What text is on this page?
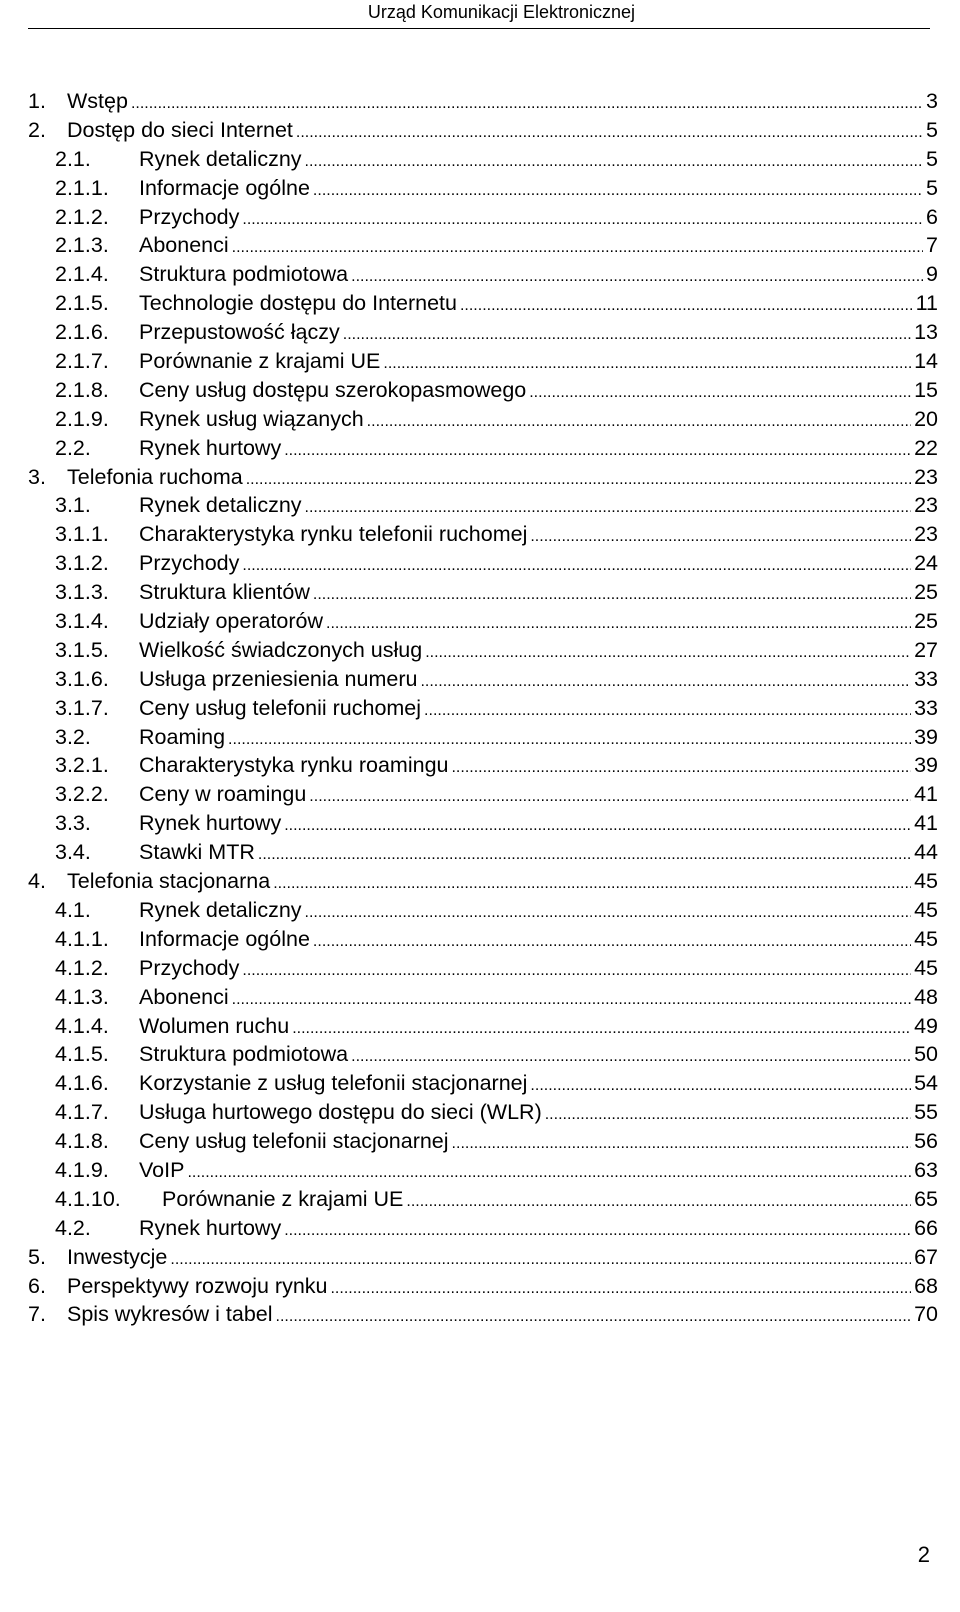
Urząd Komunikacji Elektronicznej
1. Wstęp .....	3
2. Dostęp do sieci Internet .....	5
2.1.	Rynek detaliczny .....	5
2.1.1.	Informacje ogólne .....	5
2.1.2.	Przychody .....	6
2.1.3.	Abonenci .....	7
2.1.4.	Struktura podmiotowa .....	9
2.1.5.	Technologie dostępu do Internetu .....	11
2.1.6.	Przepustowość łączy .....	13
2.1.7.	Porównanie z krajami UE .....	14
2.1.8.	Ceny usług dostępu szerokopasmowego .....	15
2.1.9.	Rynek usług wiązanych .....	20
2.2.	Rynek hurtowy .....	22
3. Telefonia ruchoma .....	23
3.1.	Rynek detaliczny .....	23
3.1.1.	Charakterystyka rynku telefonii ruchomej .....	23
3.1.2.	Przychody .....	24
3.1.3.	Struktura klientów .....	25
3.1.4.	Udziały operatorów .....	25
3.1.5.	Wielkość świadczonych usług .....	27
3.1.6.	Usługa przeniesienia numeru .....	33
3.1.7.	Ceny usług telefonii ruchomej .....	33
3.2.	Roaming .....	39
3.2.1.	Charakterystyka rynku roamingu .....	39
3.2.2.	Ceny w roamingu .....	41
3.3.	Rynek hurtowy .....	41
3.4.	Stawki MTR .....	44
4. Telefonia stacjonarna .....	45
4.1.	Rynek detaliczny .....	45
4.1.1.	Informacje ogólne .....	45
4.1.2.	Przychody .....	45
4.1.3.	Abonenci .....	48
4.1.4.	Wolumen ruchu .....	49
4.1.5.	Struktura podmiotowa .....	50
4.1.6.	Korzystanie z usług telefonii stacjonarnej .....	54
4.1.7.	Usługa hurtowego dostępu do sieci (WLR) .....	55
4.1.8.	Ceny usług telefonii stacjonarnej .....	56
4.1.9.	VoIP .....	63
4.1.10.	Porównanie z krajami UE .....	65
4.2.	Rynek hurtowy .....	66
5. Inwestycje .....	67
6. Perspektywy rozwoju rynku .....	68
7. Spis wykresów i tabel .....	70
2
